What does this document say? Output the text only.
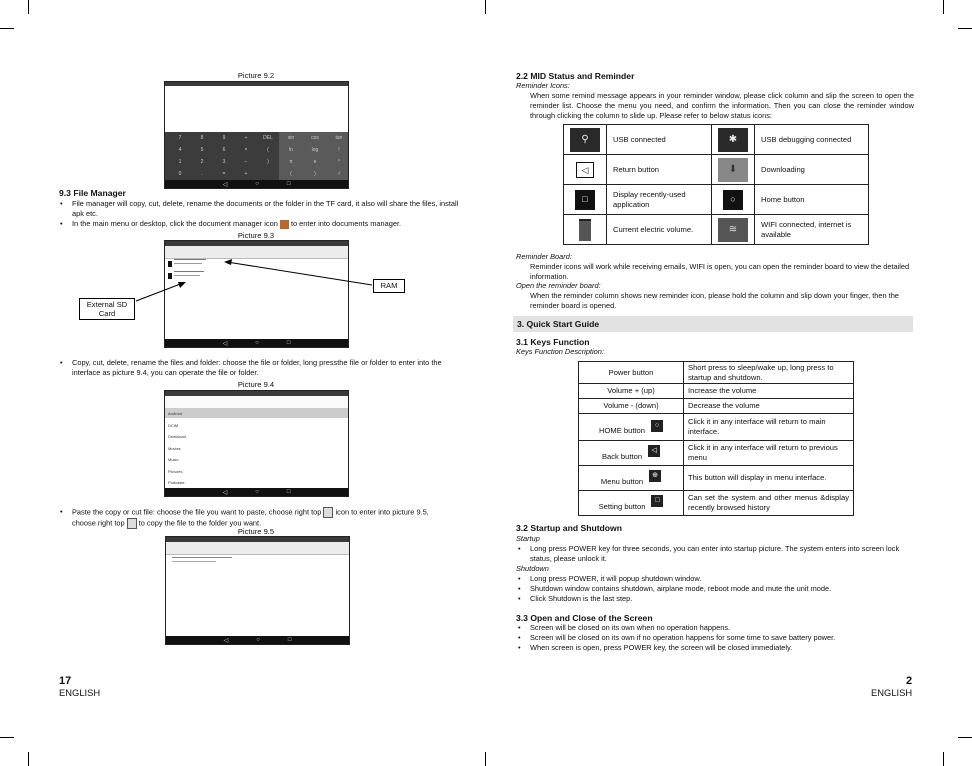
Picture 9.2
7	8	9	÷	DEL	sin	cos	tan
4	5	6	×	(	ln	log	!
1	2	3	−	)	π	e	^
0	.	=	+	(	)	√
◁	○	□
9.3 File Manager
• File manager will copy, cut, delete, rename the documents or the folder in the TF card, it also will share the files, install apk etc.
• In the main menu or desktop, click the document manager icon to enter into documents manager.
Picture 9.3
◁	○	□
RAM
External SD Card
• Copy, cut, delete, rename the files and folder: choose the file or folder, long pressthe file or folder to enter into the interface as picture 9.4, you can operate the file or folder.
Picture 9.4
Android
DCIM
Download
Movies
Music
Pictures
Podcasts
◁	○	□
• Paste the copy or cut file: choose the file you want to paste, choose right top icon to enter into picture 9.5,
choose right top to copy the file to the folder you want.
Picture 9.5
◁	○	□
17
ENGLISH
2.2 MID Status and Reminder
Reminder Icons:
When some remind message appears in your reminder window, please click column and slip the screen to open the reminder list. Choose the menu you need, and confirm the information. Then you can close the reminder window through clicking the column to slide up. Please refer to below status icons:
⚲	USB connected	✱	USB debugging connected

◁	Return button	⬇	Downloading

□	Display recently-used application	○	Home button

	Current electric volume.	≋	WIFI connected, internet is available
Reminder Board:
Reminder icons will work while receiving emails, WIFI is open, you can open the reminder board to view the detailed information.
Open the reminder board:
When the reminder column shows new reminder icon, please hold the column and slip down your finger, then the reminder board is opened.
3. Quick Start Guide
3.1 Keys Function
Keys Function Description:
Power button	Short press to sleep/wake up, long press to startup and shutdown.
Volume + (up)	Increase the volume
Volume - (down)	Decrease the volume
HOME button○	Click it in any interface will return to main interface.
Back button◁	Click it in any interface will return to previous menu
Menu button⊕	This button will display in menu interface.
Setting button□	Can set the system and other menus &display recently browsed history
3.2 Startup and Shutdown
Startup
• Long press POWER key for three seconds, you can enter into startup picture. The system enters into screen lock status, please unlock it.
Shutdown
• Long press POWER, it will popup shutdown window.
• Shutdown window contains shutdown, airplane mode, reboot mode and mute the unit mode.
• Click Shutdown is the last step.
3.3 Open and Close of the Screen
• Screen will be closed on its own when no operation happens.
• Screen will be closed on its own if no operation happens for some time to save battery power.
• When screen is open, press POWER key, the screen will be closed immediately.
2
ENGLISH
